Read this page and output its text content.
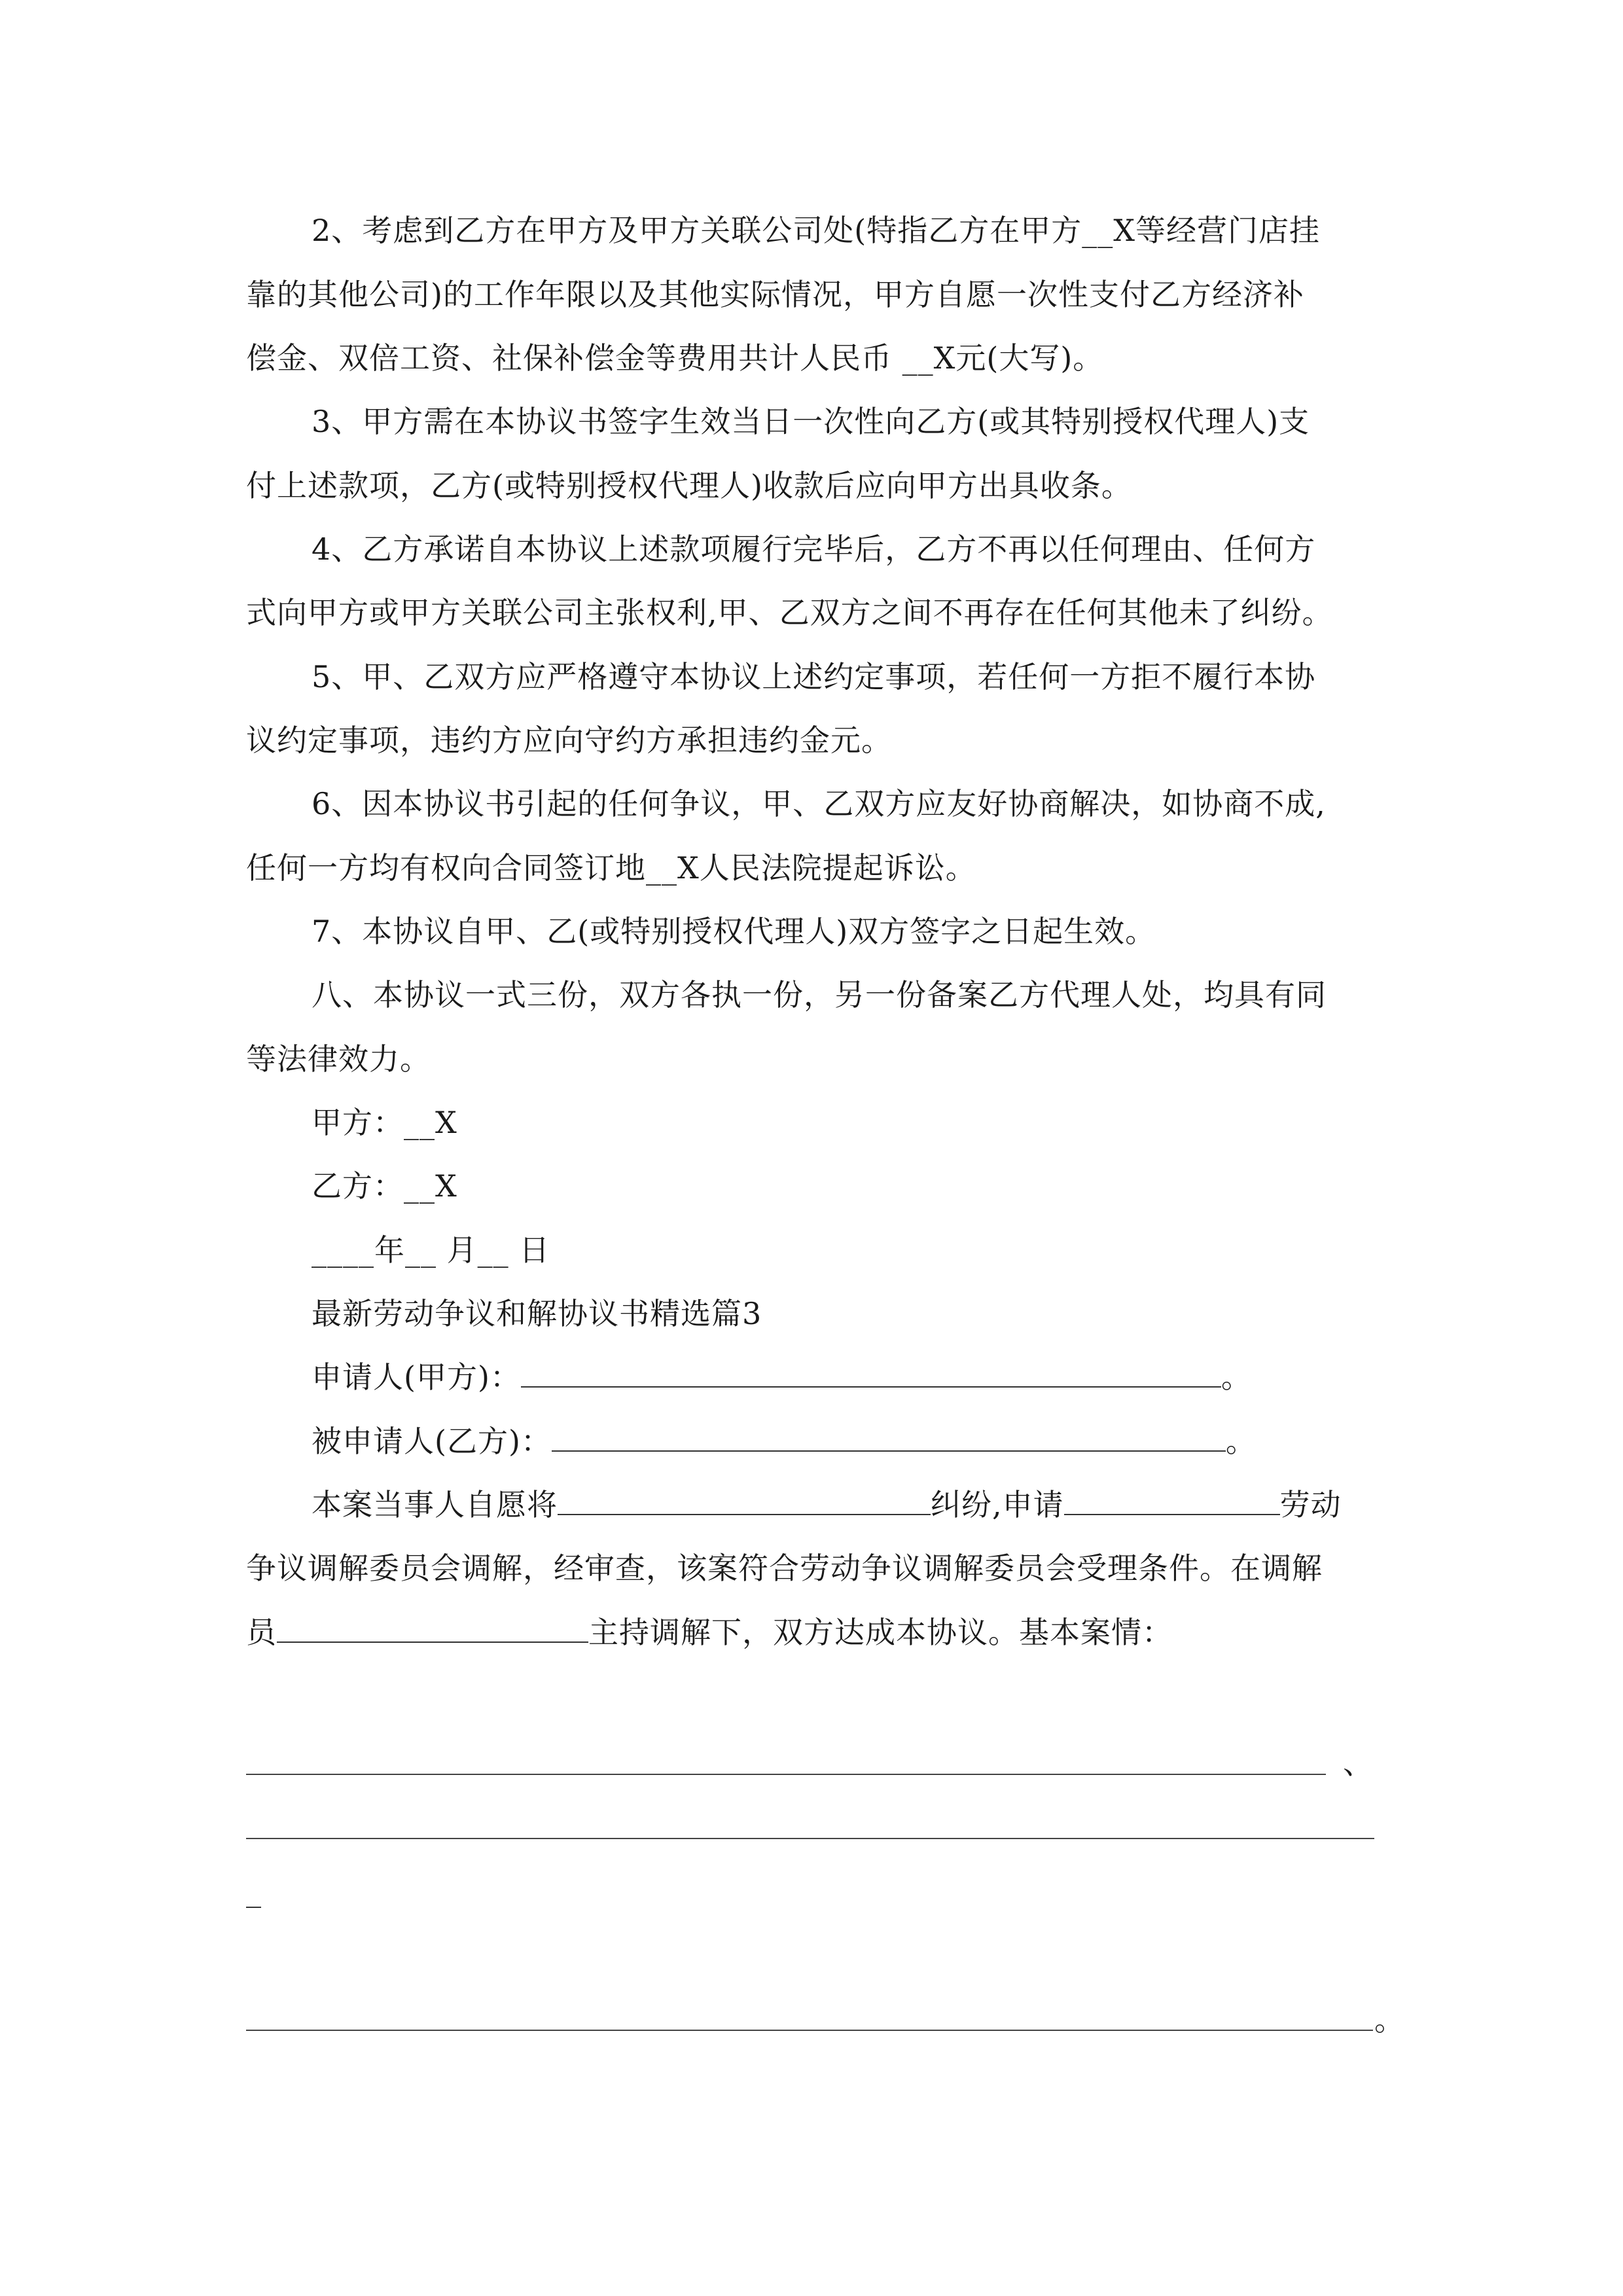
2、考虑到乙方在甲方及甲方关联公司处(特指乙方在甲方__X等经营门店挂
靠的其他公司)的工作年限以及其他实际情况，甲方自愿一次性支付乙方经济补
偿金、双倍工资、社保补偿金等费用共计人民币 __X元(大写)。
3、甲方需在本协议书签字生效当日一次性向乙方(或其特别授权代理人)支
付上述款项，乙方(或特别授权代理人)收款后应向甲方出具收条。
4、乙方承诺自本协议上述款项履行完毕后，乙方不再以任何理由、任何方
式向甲方或甲方关联公司主张权利,甲、乙双方之间不再存在任何其他未了纠纷。
5、甲、乙双方应严格遵守本协议上述约定事项，若任何一方拒不履行本协
议约定事项，违约方应向守约方承担违约金元。
6、因本协议书引起的任何争议，甲、乙双方应友好协商解决，如协商不成,
任何一方均有权向合同签订地__X人民法院提起诉讼。
7、本协议自甲、乙(或特别授权代理人)双方签字之日起生效。
八、本协议一式三份，双方各执一份，另一份备案乙方代理人处，均具有同
等法律效力。
甲方：__X
乙方：__X
____年__ 月__ 日
最新劳动争议和解协议书精选篇3
申请人(甲方)：	。
被申请人(乙方)：	。
本案当事人自愿将	纠纷,申请	劳动
争议调解委员会调解，经审查，该案符合劳动争议调解委员会受理条件。在调解
员	主持调解下，双方达成本协议。基本案情：
、
_
。
